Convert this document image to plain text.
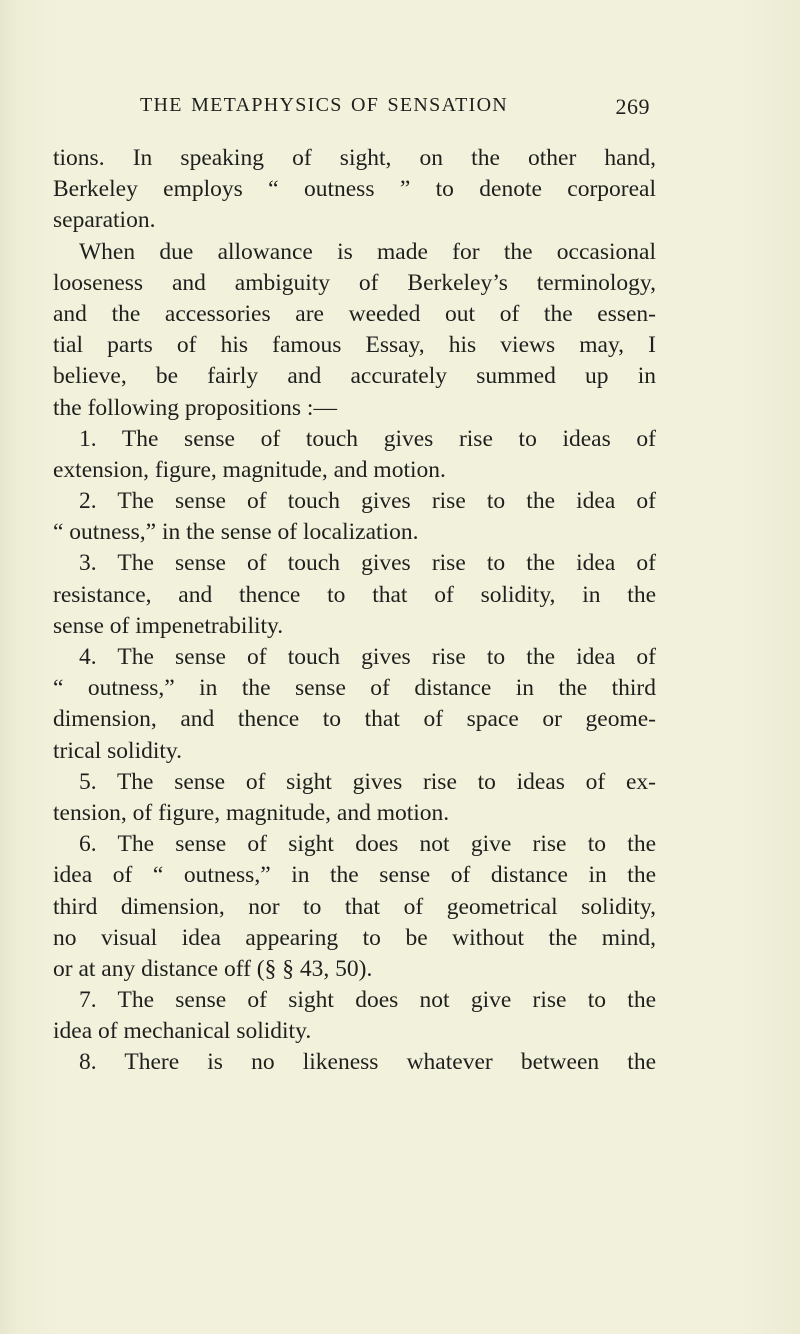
THE METAPHYSICS OF SENSATION	269
tions. In speaking of sight, on the other hand,
Berkeley employs “ outness ” to denote corporeal
separation.
When due allowance is made for the occasional
looseness and ambiguity of Berkeley’s terminology,
and the accessories are weeded out of the essen-
tial parts of his famous Essay, his views may, I
believe, be fairly and accurately summed up in
the following propositions :—
1. The sense of touch gives rise to ideas of
extension, figure, magnitude, and motion.
2. The sense of touch gives rise to the idea of
“ outness,” in the sense of localization.
3. The sense of touch gives rise to the idea of
resistance, and thence to that of solidity, in the
sense of impenetrability.
4. The sense of touch gives rise to the idea of
“ outness,” in the sense of distance in the third
dimension, and thence to that of space or geome-
trical solidity.
5. The sense of sight gives rise to ideas of ex-
tension, of figure, magnitude, and motion.
6. The sense of sight does not give rise to the
idea of “ outness,” in the sense of distance in the
third dimension, nor to that of geometrical solidity,
no visual idea appearing to be without the mind,
or at any distance off (§ § 43, 50).
7. The sense of sight does not give rise to the
idea of mechanical solidity.
8. There is no likeness whatever between the
